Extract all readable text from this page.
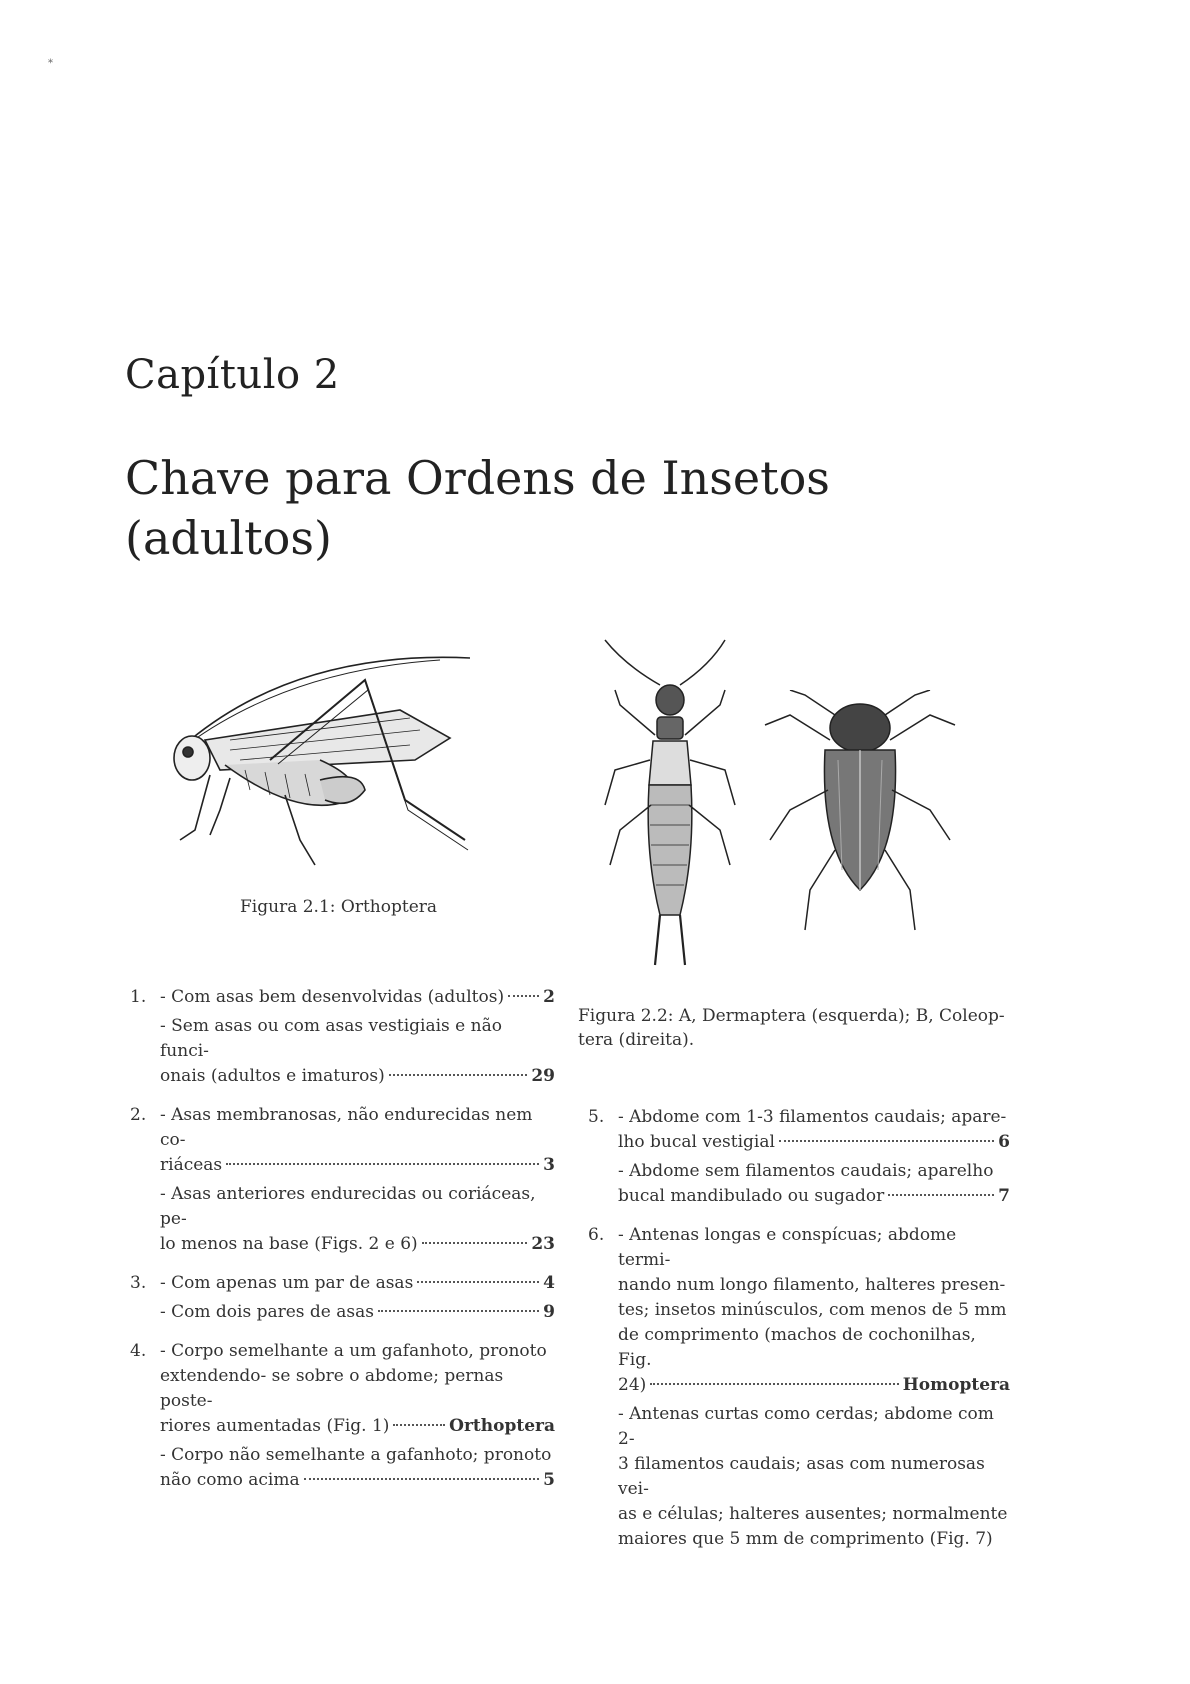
*
Capítulo 2
Chave para Ordens de Insetos
(adultos)
Figura 2.1: Orthoptera
Figura 2.2: A, Dermaptera (esquerda); B, Coleop-
tera (direita).
1. - Com asas bem desenvolvidas (adultos) 2
- Sem asas ou com asas vestigiais e não funci-
onais (adultos e imaturos)	29
2. - Asas membranosas, não endurecidas nem co-
riáceas	3
- Asas anteriores endurecidas ou coriáceas, pe-
lo menos na base (Figs. 2 e 6)	23
3. - Com apenas um par de asas	4
- Com dois pares de asas	9
4. - Corpo semelhante a um gafanhoto, pronoto
extendendo- se sobre o abdome; pernas poste-
riores aumentadas (Fig. 1)	Orthoptera
- Corpo não semelhante a gafanhoto; pronoto
não como acima	5
5. - Abdome com 1-3 filamentos caudais; apare-
lho bucal vestigial	6
- Abdome sem filamentos caudais; aparelho
bucal mandibulado ou sugador	7
6. - Antenas longas e conspícuas; abdome termi-
nando num longo filamento, halteres presen-
tes; insetos minúsculos, com menos de 5 mm
de comprimento (machos de cochonilhas, Fig.
24)	Homoptera
- Antenas curtas como cerdas; abdome com 2-
3 filamentos caudais; asas com numerosas vei-
as e células; halteres ausentes; normalmente
maiores que 5 mm de comprimento (Fig. 7)
